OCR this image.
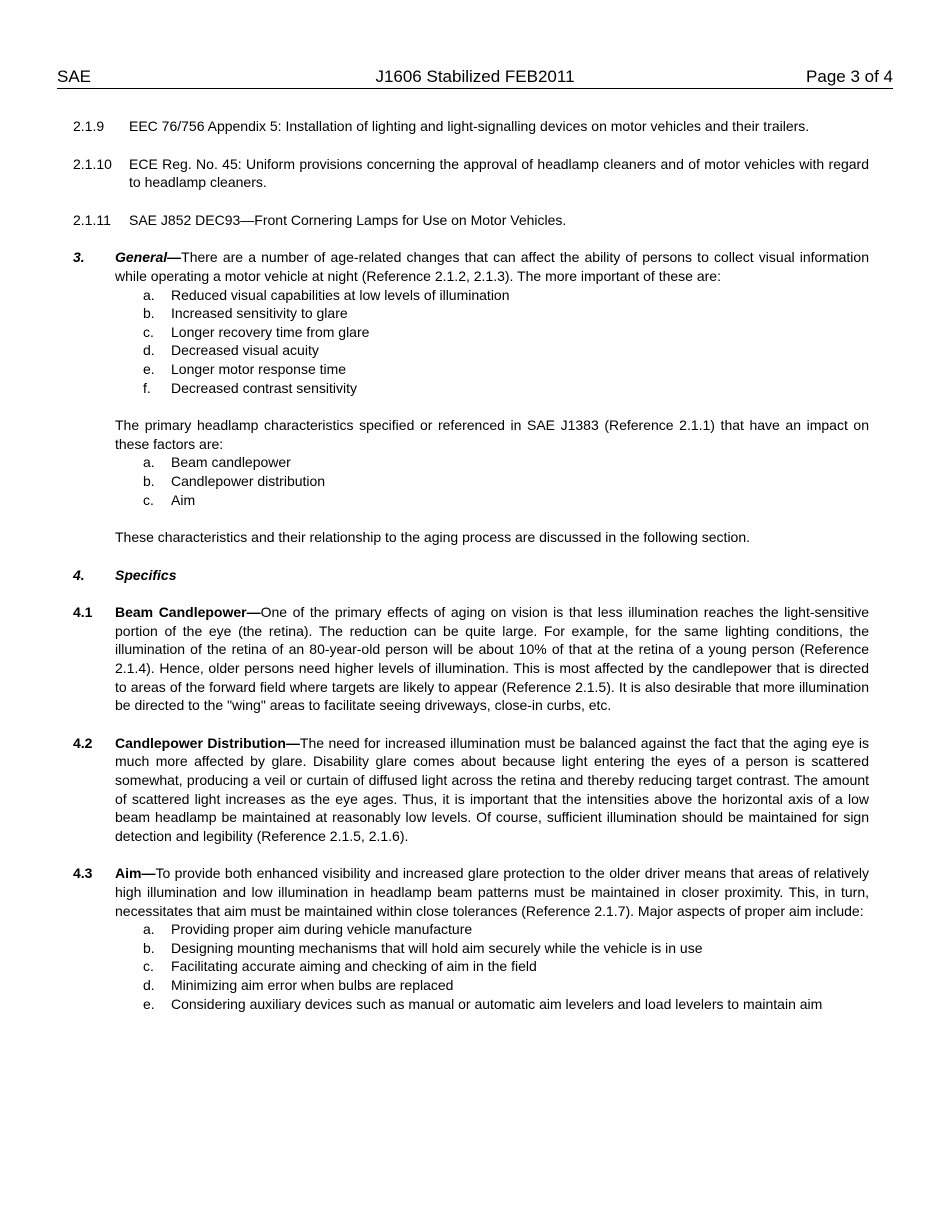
SAE	J1606 Stabilized FEB2011	Page 3 of 4
2.1.9 EEC 76/756 Appendix 5: Installation of lighting and light-signalling devices on motor vehicles and their trailers.
2.1.10 ECE Reg. No. 45: Uniform provisions concerning the approval of headlamp cleaners and of motor vehicles with regard to headlamp cleaners.
2.1.11 SAE J852 DEC93—Front Cornering Lamps for Use on Motor Vehicles.
3. General—There are a number of age-related changes that can affect the ability of persons to collect visual information while operating a motor vehicle at night (Reference 2.1.2, 2.1.3). The more important of these are:
a. Reduced visual capabilities at low levels of illumination
b. Increased sensitivity to glare
c. Longer recovery time from glare
d. Decreased visual acuity
e. Longer motor response time
f. Decreased contrast sensitivity
The primary headlamp characteristics specified or referenced in SAE J1383 (Reference 2.1.1) that have an impact on these factors are:
a. Beam candlepower
b. Candlepower distribution
c. Aim
These characteristics and their relationship to the aging process are discussed in the following section.
4. Specifics
4.1 Beam Candlepower—One of the primary effects of aging on vision is that less illumination reaches the light-sensitive portion of the eye (the retina). The reduction can be quite large. For example, for the same lighting conditions, the illumination of the retina of an 80-year-old person will be about 10% of that at the retina of a young person (Reference 2.1.4). Hence, older persons need higher levels of illumination. This is most affected by the candlepower that is directed to areas of the forward field where targets are likely to appear (Reference 2.1.5). It is also desirable that more illumination be directed to the "wing" areas to facilitate seeing driveways, close-in curbs, etc.
4.2 Candlepower Distribution—The need for increased illumination must be balanced against the fact that the aging eye is much more affected by glare. Disability glare comes about because light entering the eyes of a person is scattered somewhat, producing a veil or curtain of diffused light across the retina and thereby reducing target contrast. The amount of scattered light increases as the eye ages. Thus, it is important that the intensities above the horizontal axis of a low beam headlamp be maintained at reasonably low levels. Of course, sufficient illumination should be maintained for sign detection and legibility (Reference 2.1.5, 2.1.6).
4.3 Aim—To provide both enhanced visibility and increased glare protection to the older driver means that areas of relatively high illumination and low illumination in headlamp beam patterns must be maintained in closer proximity. This, in turn, necessitates that aim must be maintained within close tolerances (Reference 2.1.7). Major aspects of proper aim include:
a. Providing proper aim during vehicle manufacture
b. Designing mounting mechanisms that will hold aim securely while the vehicle is in use
c. Facilitating accurate aiming and checking of aim in the field
d. Minimizing aim error when bulbs are replaced
e. Considering auxiliary devices such as manual or automatic aim levelers and load levelers to maintain aim
